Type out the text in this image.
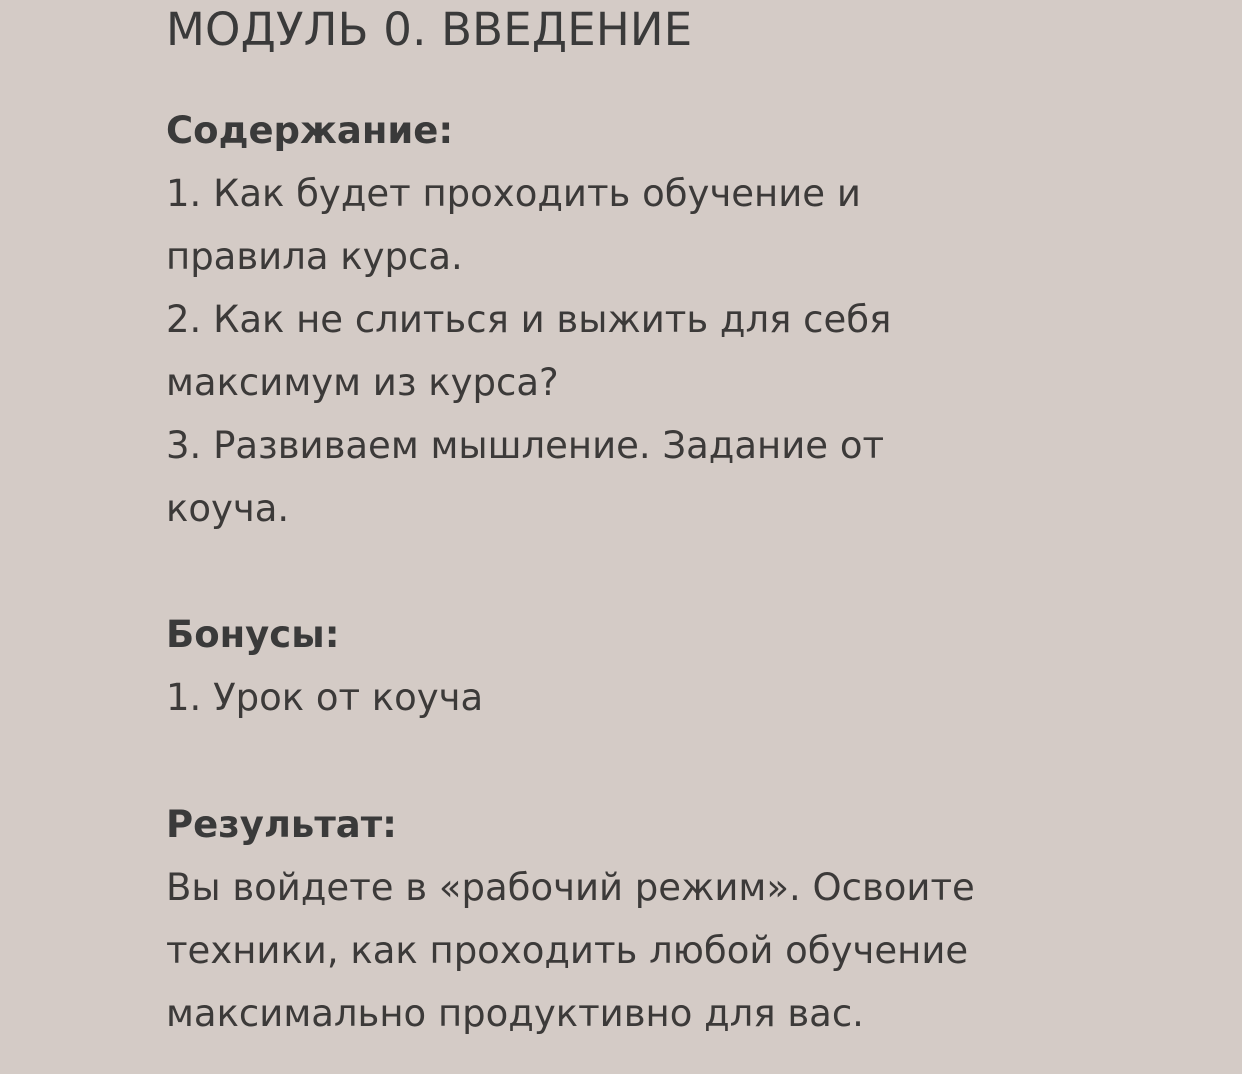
МОДУЛЬ 0. ВВЕДЕНИЕ

Содержание:

1. Как будет проходить обучение и

правила курса.

2. Как не слиться и выжить для себя

максимум из курса?

3. Развиваем мышление. Задание от

коуча.

Бонусы:

1. Урок от коуча

Результат:

Вы войдете в «рабочий режим». Освоите

техники, как проходить любой обучение

максимально продуктивно для вас.
